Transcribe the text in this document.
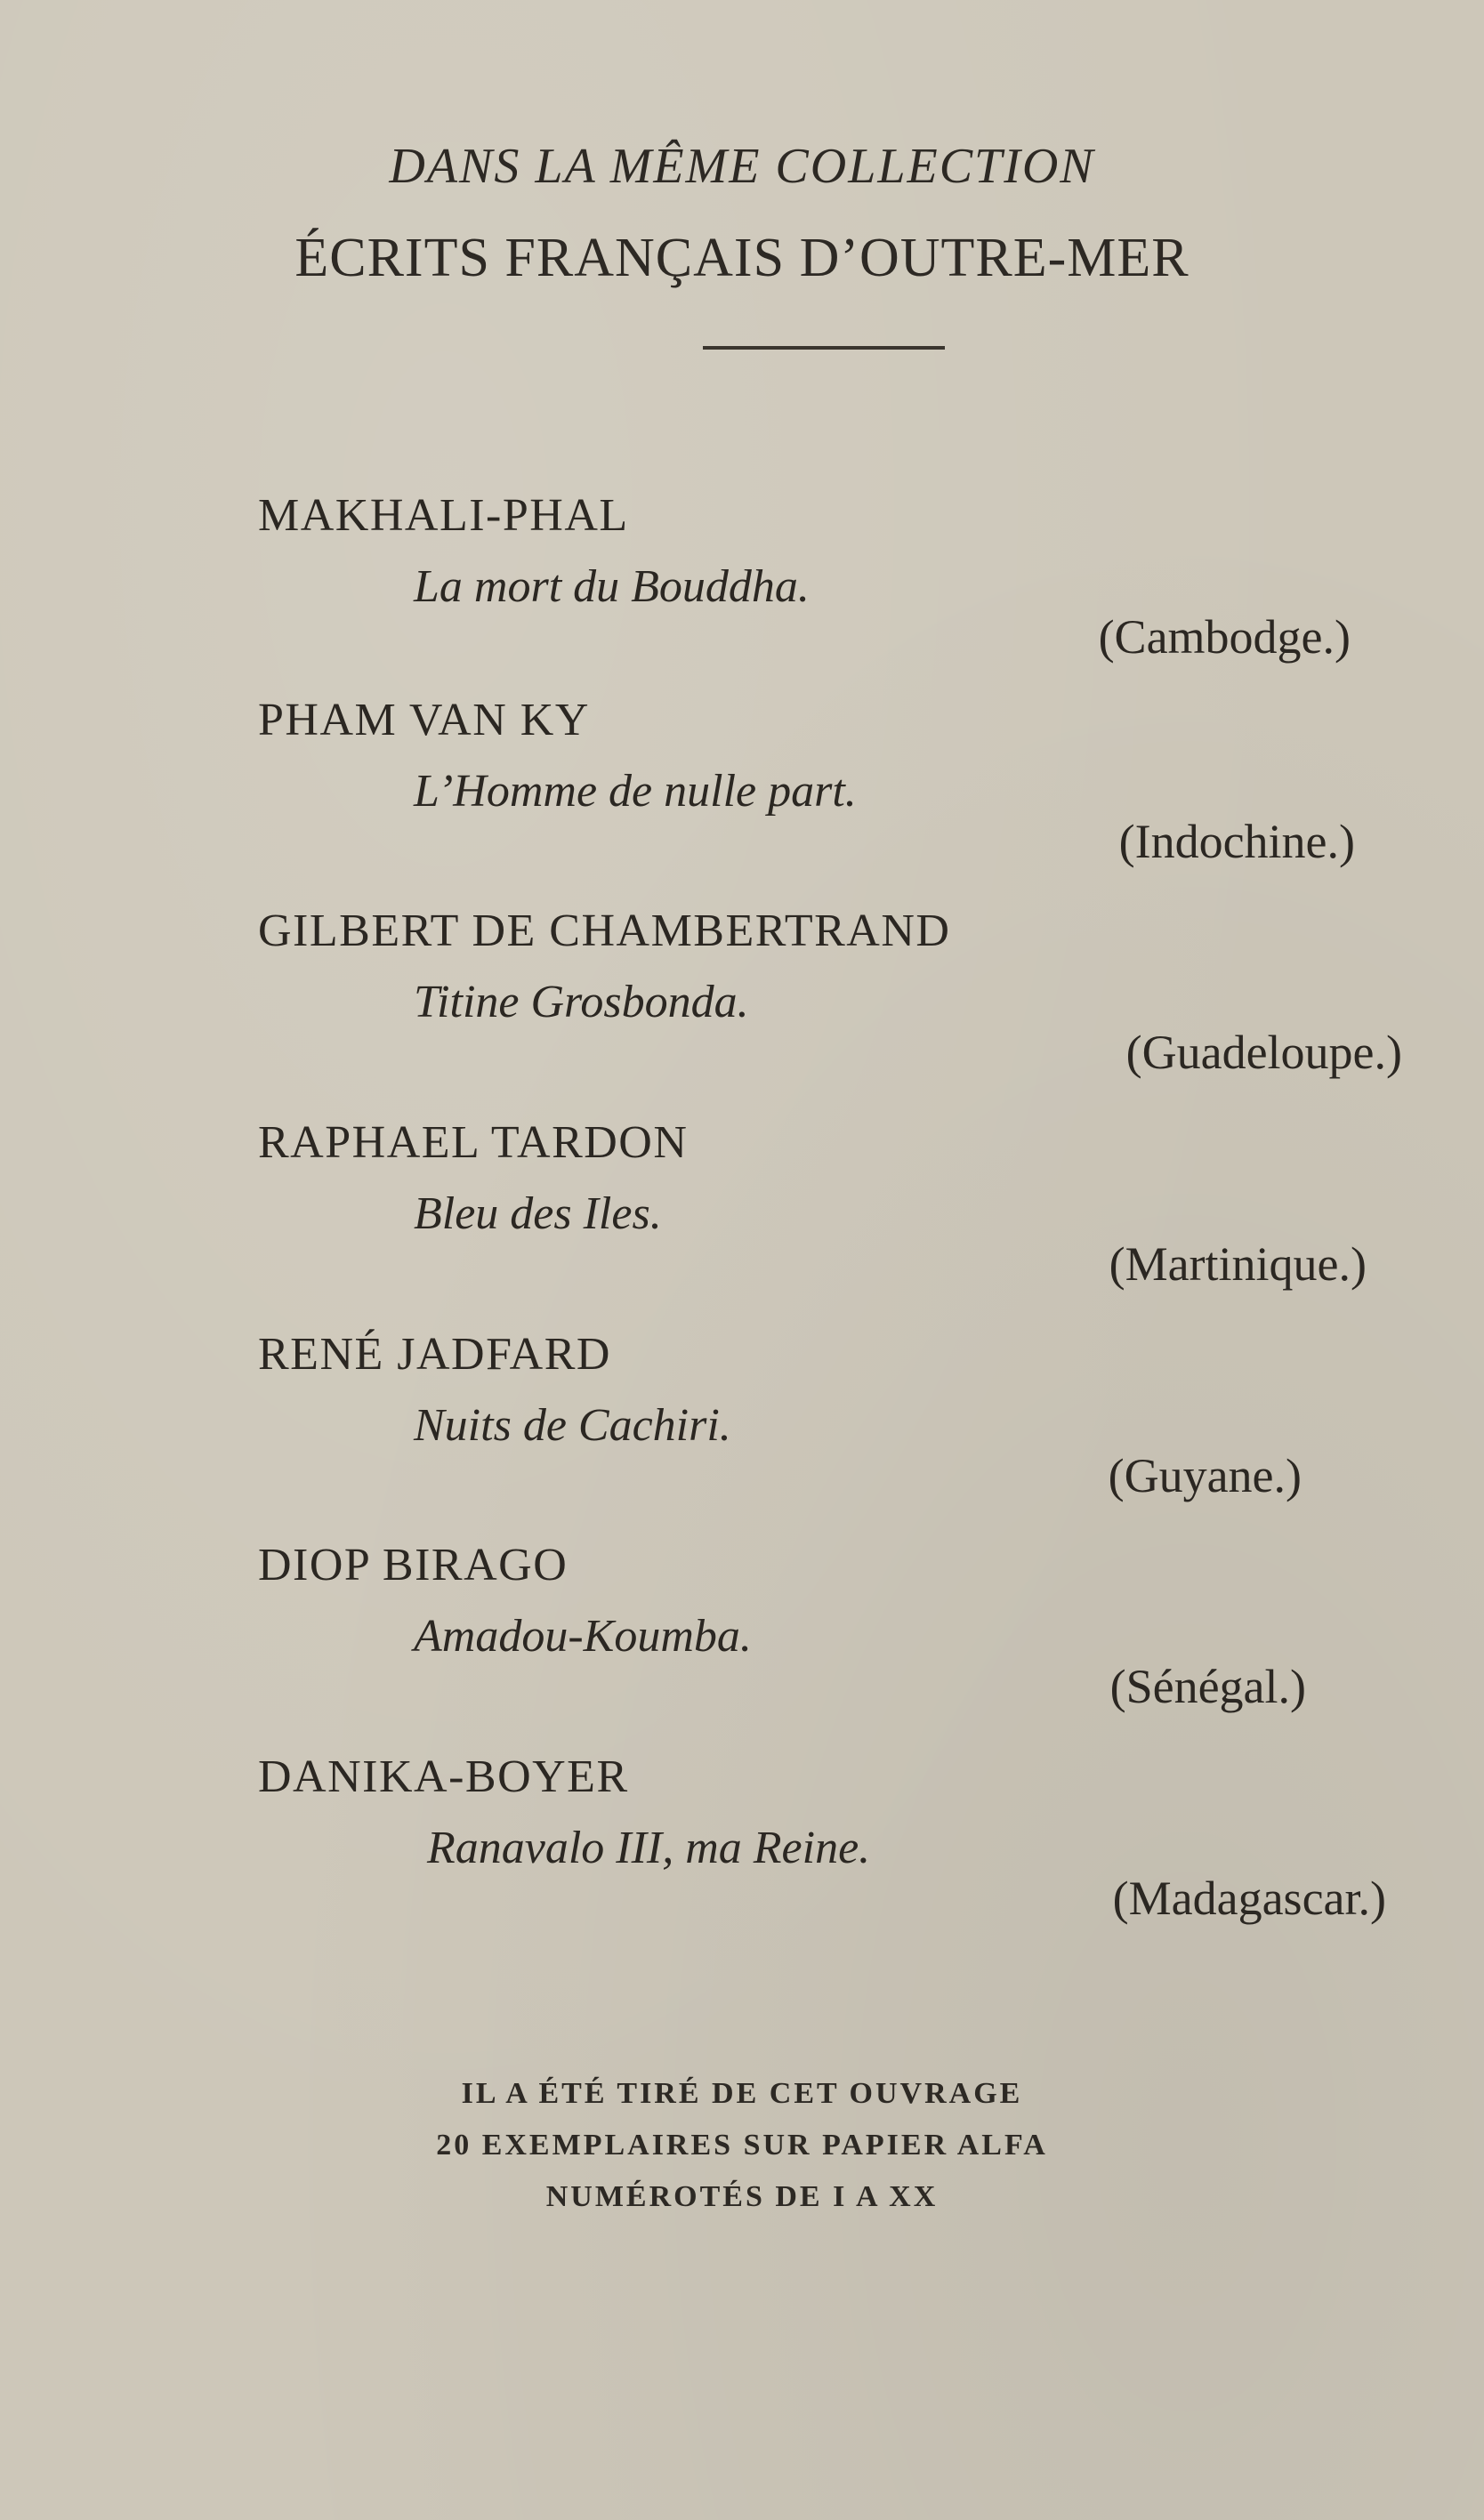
DANS LA MÊME COLLECTION
ÉCRITS FRANÇAIS D’OUTRE-MER
MAKHALI-PHAL
La mort du Bouddha.
(Cambodge.)
PHAM VAN KY
L’Homme de nulle part.
(Indochine.)
GILBERT DE CHAMBERTRAND
Titine Grosbonda.
(Guadeloupe.)
RAPHAEL TARDON
Bleu des Iles.
(Martinique.)
RENÉ JADFARD
Nuits de Cachiri.
(Guyane.)
DIOP BIRAGO
Amadou-Koumba.
(Sénégal.)
DANIKA-BOYER
Ranavalo III, ma Reine.
(Madagascar.)
IL A ÉTÉ TIRÉ DE CET OUVRAGE
20 EXEMPLAIRES SUR PAPIER ALFA
NUMÉROTÉS DE I A XX
